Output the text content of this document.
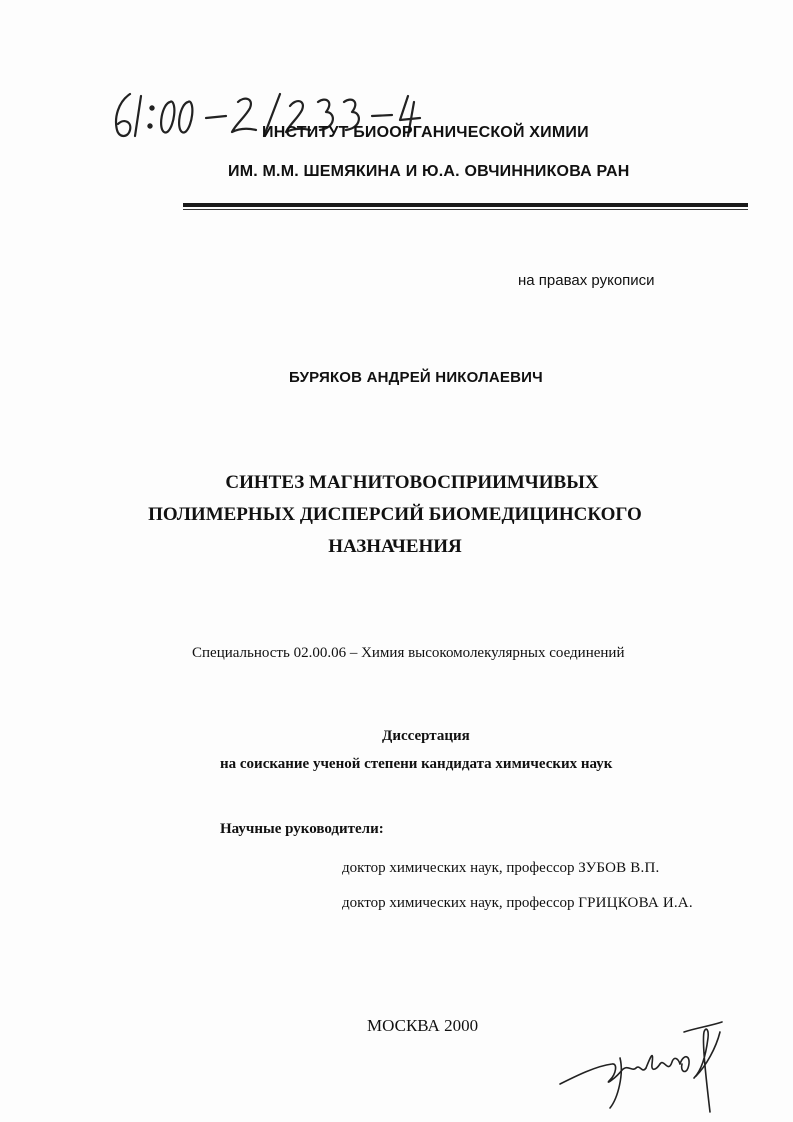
ИНСТИТУТ БИООРГАНИЧЕСКОЙ ХИМИИ
ИМ. М.М. ШЕМЯКИНА И Ю.А. ОВЧИННИКОВА РАН
на правах рукописи
БУРЯКОВ АНДРЕЙ НИКОЛАЕВИЧ
СИНТЕЗ МАГНИТОВОСПРИИМЧИВЫХ
ПОЛИМЕРНЫХ ДИСПЕРСИЙ БИОМЕДИЦИНСКОГО
НАЗНАЧЕНИЯ
Специальность 02.00.06 – Химия высокомолекулярных соединений
Диссертация
на соискание ученой степени кандидата химических наук
Научные руководители:
доктор химических наук, профессор ЗУБОВ В.П.
доктор химических наук, профессор ГРИЦКОВА И.А.
МОСКВА 2000
